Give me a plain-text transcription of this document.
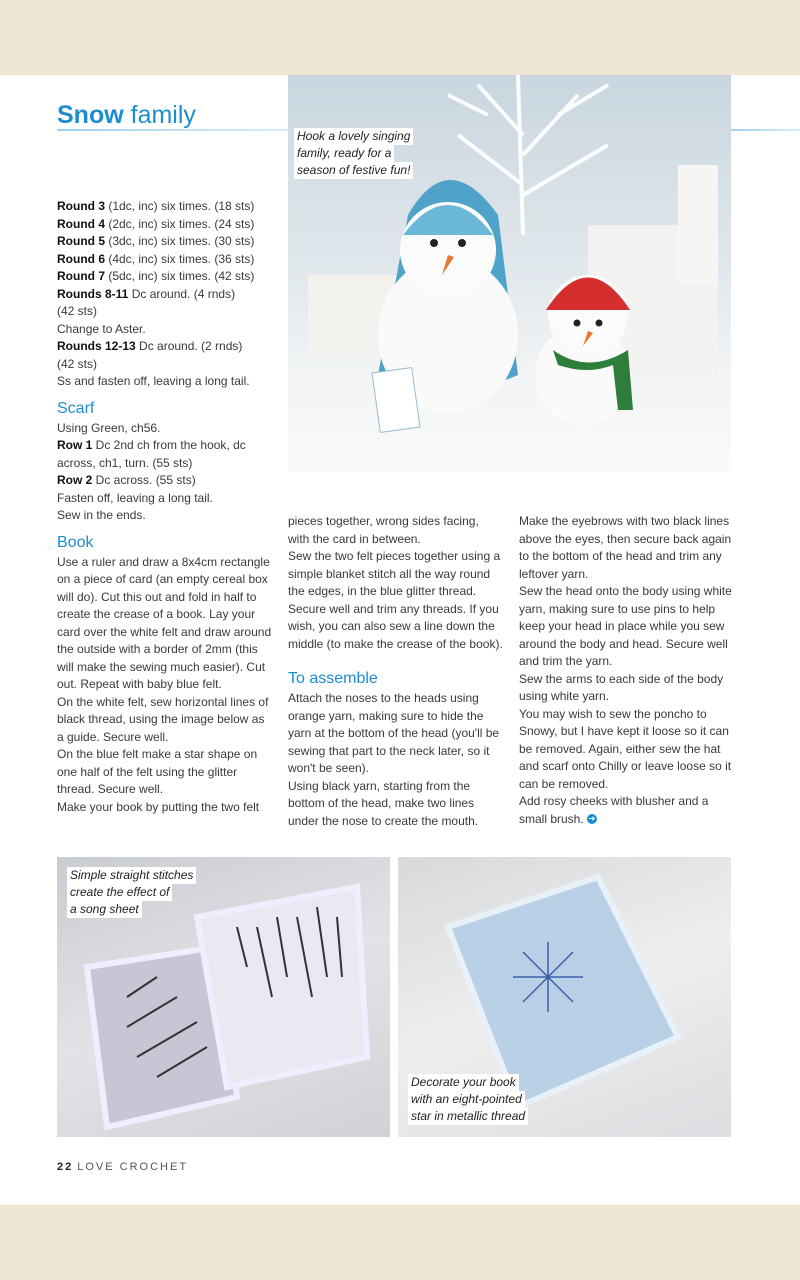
Snow family
Hook a lovely singing
family, ready for a
season of festive fun!
Round 3 (1dc, inc) six times. (18 sts)
Round 4 (2dc, inc) six times. (24 sts)
Round 5 (3dc, inc) six times. (30 sts)
Round 6 (4dc, inc) six times. (36 sts)
Round 7 (5dc, inc) six times. (42 sts)
Rounds 8-11 Dc around. (4 rnds)
(42 sts)
Change to Aster.
Rounds 12-13 Dc around. (2 rnds)
(42 sts)
Ss and fasten off, leaving a long tail.
Scarf
Using Green, ch56.
Row 1 Dc 2nd ch from the hook, dc
across, ch1, turn. (55 sts)
Row 2 Dc across. (55 sts)
Fasten off, leaving a long tail.
Sew in the ends.
Book
Use a ruler and draw a 8x4cm rectangle
on a piece of card (an empty cereal box
will do). Cut this out and fold in half to
create the crease of a book. Lay your
card over the white felt and draw around
the outside with a border of 2mm (this
will make the sewing much easier). Cut
out. Repeat with baby blue felt.
On the white felt, sew horizontal lines of
black thread, using the image below as
a guide. Secure well.
On the blue felt make a star shape on
one half of the felt using the glitter
thread. Secure well.
Make your book by putting the two felt
pieces together, wrong sides facing,
with the card in between.
Sew the two felt pieces together using a
simple blanket stitch all the way round
the edges, in the blue glitter thread.
Secure well and trim any threads. If you
wish, you can also sew a line down the
middle (to make the crease of the book).
To assemble
Attach the noses to the heads using
orange yarn, making sure to hide the
yarn at the bottom of the head (you'll be
sewing that part to the neck later, so it
won't be seen).
Using black yarn, starting from the
bottom of the head, make two lines
under the nose to create the mouth.
Make the eyebrows with two black lines
above the eyes, then secure back again
to the bottom of the head and trim any
leftover yarn.
Sew the head onto the body using white
yarn, making sure to use pins to help
keep your head in place while you sew
around the body and head. Secure well
and trim the yarn.
Sew the arms to each side of the body
using white yarn.
You may wish to sew the poncho to
Snowy, but I have kept it loose so it can
be removed. Again, either sew the hat
and scarf onto Chilly or leave loose so it
can be removed.
Add rosy cheeks with blusher and a
small brush. ➜
Simple straight stitches
create the effect of
a song sheet
Decorate your book
with an eight-pointed
star in metallic thread
22 LOVE CROCHET
